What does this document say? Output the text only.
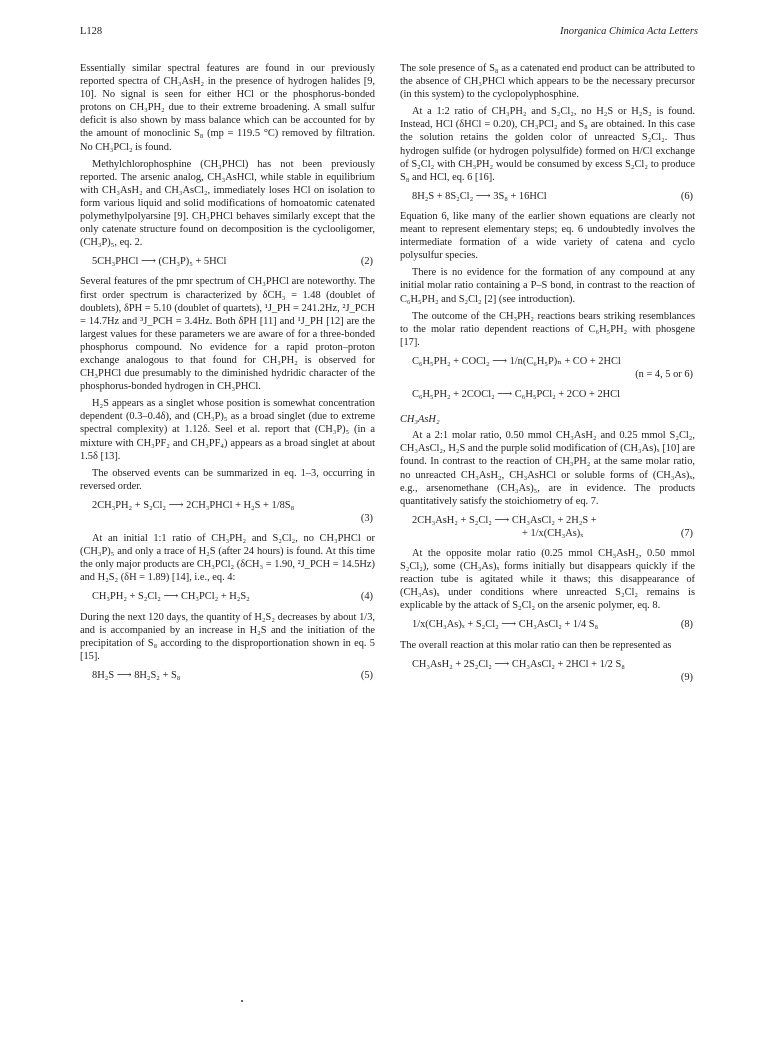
L128	Inorganica Chimica Acta Letters

Essentially similar spectral features are found in our previously reported spectra of CH₃AsH₂ in the presence of hydrogen halides [9, 10]. No signal is seen for either HCl or the phosphorus-bonded protons on CH₃PH₂ due to their extreme broadening. A small sulfur deficit is also shown by mass balance which can be accounted for by the amount of monoclinic S₈ (mp = 119.5 °C) removed by filtration. No CH₃PCl₂ is found.

Methylchlorophosphine (CH₃PHCl) has not been previously reported. The arsenic analog, CH₃AsHCl, while stable in equilibrium with CH₃AsH₂ and CH₃AsCl₂, immediately loses HCl on isolation to form various liquid and solid modifications of homoatomic catenated polymethylpolyarsine [9]. CH₃PHCl behaves similarly except that the only catenate structure found on decomposition is the cyclooligomer, (CH₃P)₅, eq. 2.

5CH₃PHCl ⟶ (CH₃P)₅ + 5HCl	(2)

Several features of the pmr spectrum of CH₃PHCl are noteworthy. The first order spectrum is characterized by δCH₃ = 1.48 (doublet of doublets), δPH = 5.10 (doublet of quartets), ¹J_PH = 241.2Hz, ²J_PCH = 14.7Hz and ³J_PCH = 3.4Hz. Both δPH [11] and ¹J_PH [12] are the largest values for these parameters we are aware of for a three-bonded phosphorus compound. No evidence for a rapid proton–proton exchange analogous to that found for CH₃PH₂ is observed for CH₃PHCl due presumably to the diminished hydridic character of the phosphorus-bonded hydrogen in CH₃PHCl.

H₂S appears as a singlet whose position is somewhat concentration dependent (0.3–0.4δ), and (CH₃P)₅ as a broad singlet (due to extreme spectral complexity) at 1.12δ. Seel et al. report that (CH₃P)₅ (in a mixture with CH₃PF₂ and CH₃PF₄) appears as a broad singlet at about 1.5δ [13].

The observed events can be summarized in eq. 1–3, occurring in reversed order.

2CH₃PH₂ + S₂Cl₂ ⟶ 2CH₃PHCl + H₂S + 1/8S₈
(3)

At an initial 1:1 ratio of CH₃PH₂ and S₂Cl₂, no CH₃PHCl or (CH₃P)₅ and only a trace of H₂S (after 24 hours) is found. At this time the only major products are CH₃PCl₂ (δCH₃ = 1.90, ²J_PCH = 14.5Hz) and H₂S₂ (δH = 1.89) [14], i.e., eq. 4:

CH₃PH₂ + S₂Cl₂ ⟶ CH₃PCl₂ + H₂S₂	(4)

During the next 120 days, the quantity of H₂S₂ decreases by about 1/3, and is accompanied by an increase in H₂S and the initiation of the precipitation of S₈ according to the disproportionation shown in eq. 5 [15].

8H₂S ⟶ 8H₂S₂ + S₈	(5)

The sole presence of S₈ as a catenated end product can be attributed to the absence of CH₃PHCl which appears to be the necessary precursor (in this system) to the cyclopolyphosphine.

At a 1:2 ratio of CH₃PH₂ and S₂Cl₂, no H₂S or H₂S₂ is found. Instead, HCl (δHCl = 0.20), CH₃PCl₂ and S₈ are obtained. In this case the solution retains the golden color of unreacted S₂Cl₂. Thus hydrogen sulfide (or hydrogen polysulfide) formed on H/Cl exchange of S₂Cl₂ with CH₃PH₂ would be consumed by excess S₂Cl₂ to produce S₈ and HCl, eq. 6 [16].

8H₂S + 8S₂Cl₂ ⟶ 3S₈ + 16HCl	(6)

Equation 6, like many of the earlier shown equations are clearly not meant to represent elementary steps; eq. 6 undoubtedly involves the intermediate formation of a wide variety of catena and cyclo polysulfur species.

There is no evidence for the formation of any compound at any initial molar ratio containing a P–S bond, in contrast to the reaction of C₆H₅PH₂ and S₂Cl₂ [2] (see introduction).

The outcome of the CH₃PH₂ reactions bears striking resemblances to the molar ratio dependent reactions of C₆H₅PH₂ with phosgene [17].

C₆H₅PH₂ + COCl₂ ⟶ 1/n(C₆H₅P)ₙ + CO + 2HCl
(n = 4, 5 or 6)
C₆H₅PH₂ + 2COCl₂ ⟶ C₆H₅PCl₂ + 2CO + 2HCl
CH₃AsH₂

At a 2:1 molar ratio, 0.50 mmol CH₃AsH₂ and 0.25 mmol S₂Cl₂, CH₃AsCl₂, H₂S and the purple solid modification of (CH₃As)ₓ [10] are found. In contrast to the reaction of CH₃PH₂ at the same molar ratio, no unreacted CH₃AsH₂, CH₃AsHCl or soluble forms of (CH₃As)ₓ, e.g., arsenomethane (CH₃As)₅, are in evidence. The products quantitatively satisfy the stoichiometry of eq. 7.

2CH₃AsH₂ + S₂Cl₂ ⟶ CH₃AsCl₂ + 2H₂S +
+ 1/x(CH₃As)ₓ	(7)

At the opposite molar ratio (0.25 mmol CH₃AsH₂, 0.50 mmol S₂Cl₂), some (CH₃As)ₓ forms initially but disappears quickly if the reaction tube is agitated while it thaws; this disappearance of (CH₃As)ₓ under conditions where unreacted S₂Cl₂ remains is explicable by the attack of S₂Cl₂ on the arsenic polymer, eq. 8.

1/x(CH₃As)ₓ + S₂Cl₂ ⟶ CH₃AsCl₂ + 1/4 S₈	(8)

The overall reaction at this molar ratio can then be represented as

CH₃AsH₂ + 2S₂Cl₂ ⟶ CH₃AsCl₂ + 2HCl + 1/2 S₈
(9)
